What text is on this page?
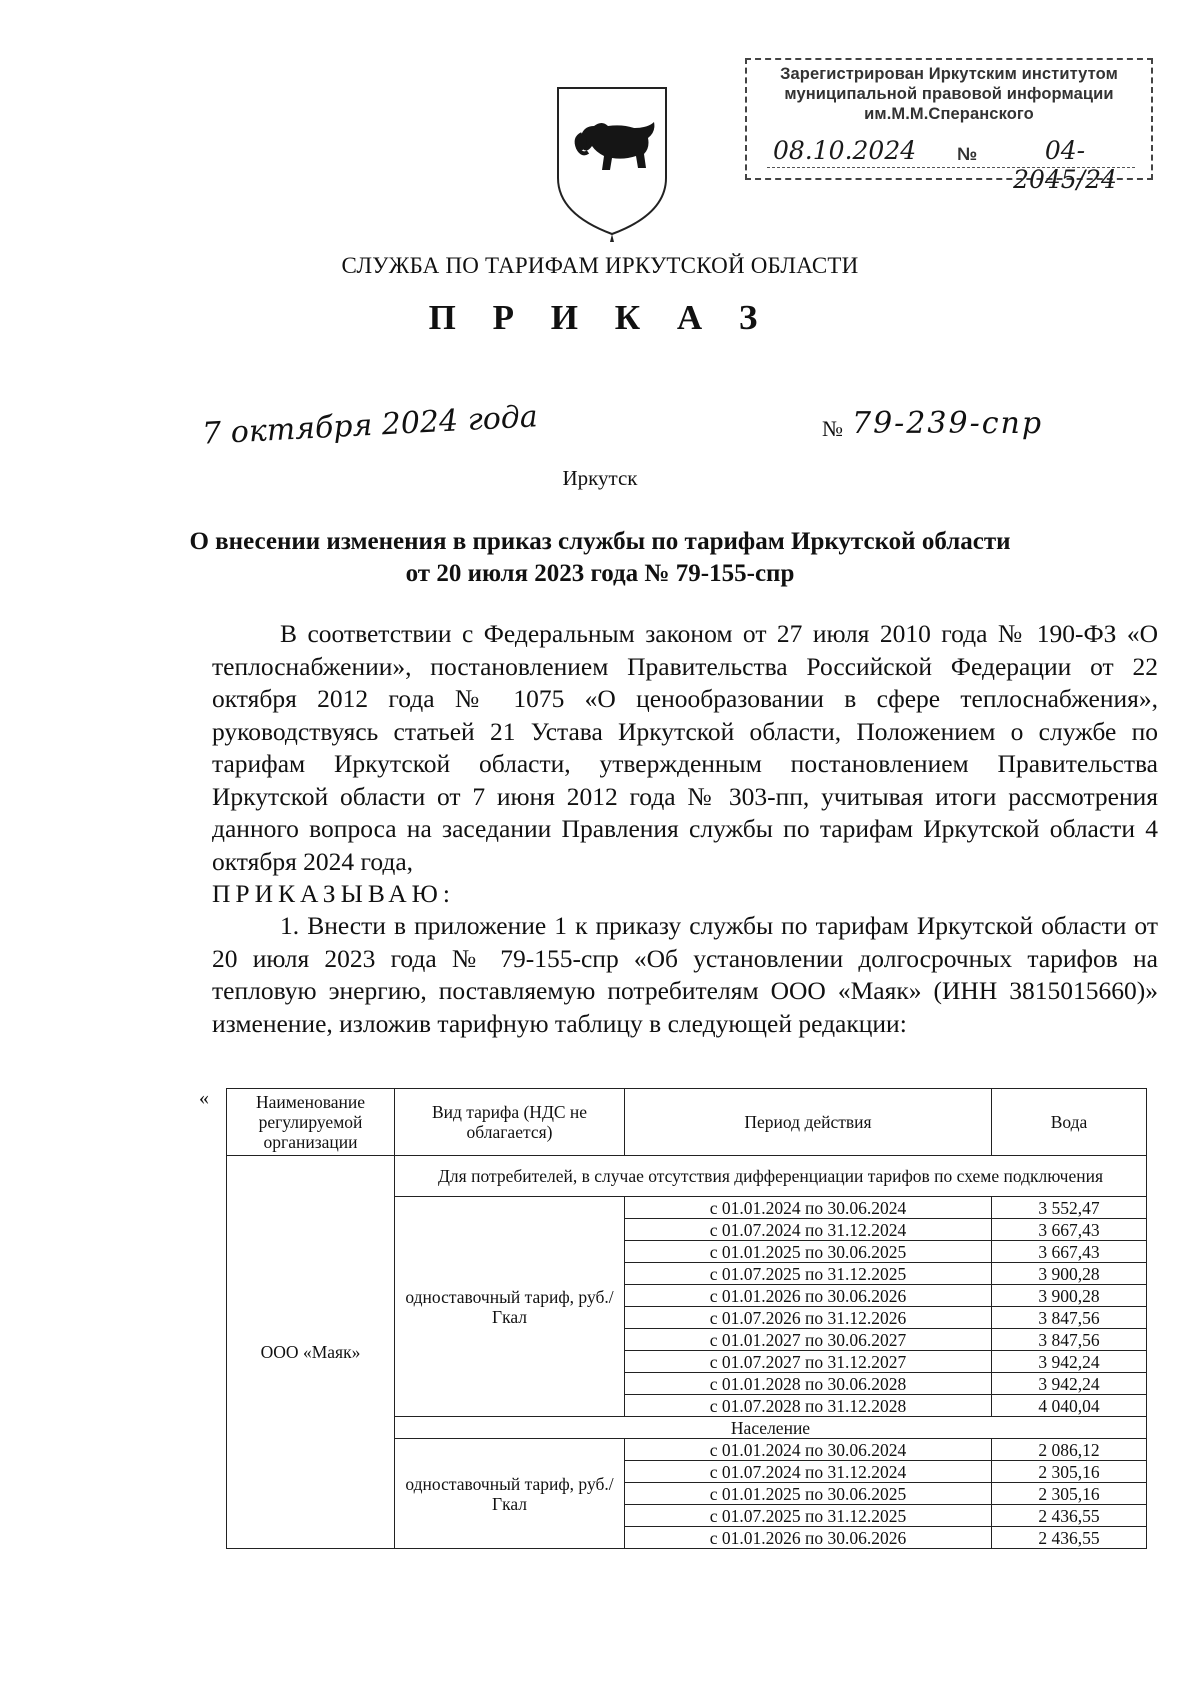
Зарегистрирован Иркутским институтом
муниципальной правовой информации
им.М.М.Сперанского
08.10.2024 №	04-2045/24
СЛУЖБА ПО ТАРИФАМ ИРКУТСКОЙ ОБЛАСТИ
П Р И К А З
7 октября 2024 года	№ 79-239-спр
Иркутск
О внесении изменения в приказ службы по тарифам Иркутской области
от 20 июля 2023 года № 79-155-спр

В соответствии с Федеральным законом от 27 июля 2010 года № 190-ФЗ «О теплоснабжении», постановлением Правительства Российской Федерации от 22 октября 2012 года № 1075 «О ценообразовании в сфере теплоснабжения», руководствуясь статьей 21 Устава Иркутской области, Положением о службе по тарифам Иркутской области, утвержденным постановлением Правительства Иркутской области от 7 июня 2012 года № 303-пп, учитывая итоги рассмотрения данного вопроса на заседании Правления службы по тарифам Иркутской области 4 октября 2024 года,

ПРИКАЗЫВАЮ:

1. Внести в приложение 1 к приказу службы по тарифам Иркутской области от 20 июля 2023 года № 79-155-спр «Об установлении долгосрочных тарифов на тепловую энергию, поставляемую потребителям ООО «Маяк» (ИНН 3815015660)» изменение, изложив тарифную таблицу в следующей редакции:

«	Наименование регулируемой организации	Вид тарифа (НДС не облагается)	Период действия	Вода
ООО «Маяк»	Для потребителей, в случае отсутствия дифференциации тарифов по схеме подключения		
	одноставочный тариф, руб./Гкал	с 01.01.2024 по 30.06.2024	3 552,47
		с 01.07.2024 по 31.12.2024	3 667,43
		с 01.01.2025 по 30.06.2025	3 667,43
		с 01.07.2025 по 31.12.2025	3 900,28
		с 01.01.2026 по 30.06.2026	3 900,28
		с 01.07.2026 по 31.12.2026	3 847,56
		с 01.01.2027 по 30.06.2027	3 847,56
		с 01.07.2027 по 31.12.2027	3 942,24
		с 01.01.2028 по 30.06.2028	3 942,24
		с 01.07.2028 по 31.12.2028	4 040,04
	Население		
	одноставочный тариф, руб./Гкал	с 01.01.2024 по 30.06.2024	2 086,12
		с 01.07.2024 по 31.12.2024	2 305,16
		с 01.01.2025 по 30.06.2025	2 305,16
		с 01.07.2025 по 31.12.2025	2 436,55
		с 01.01.2026 по 30.06.2026	2 436,55
